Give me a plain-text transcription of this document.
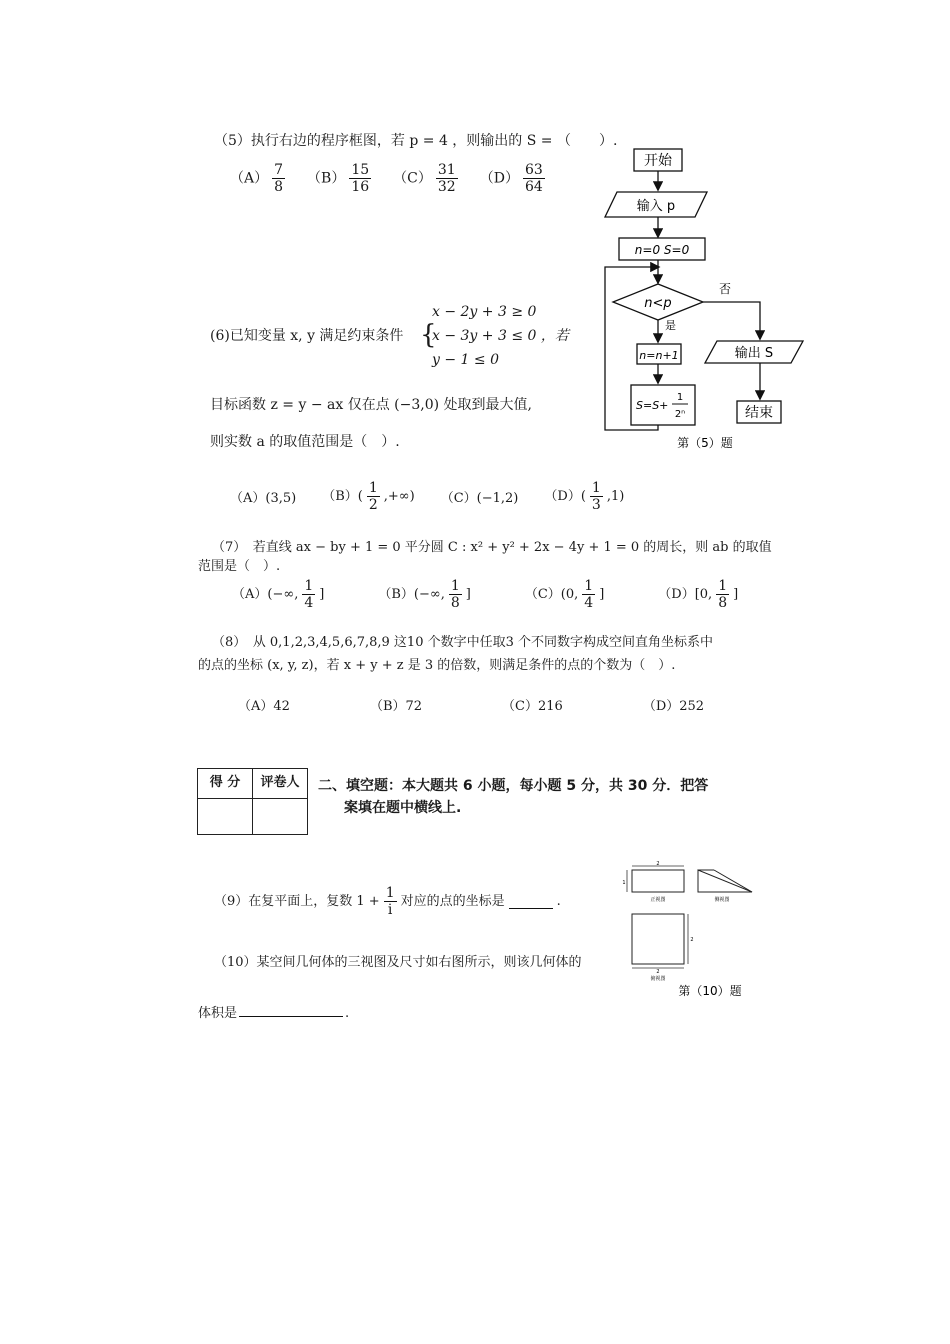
（5）执行右边的程序框图，若 p = 4 ，则输出的 S = （　　）.
$(A) \frac{7}{8} (B) \frac{15}{16} (C) \frac{31}{32} (D) \frac{63}{64}$
开始
输入 p
n=0 S=0
n<p
是
否
输出 S
结束
n=n+1
S=S+
1
2ⁿ
第（5）题
(6)已知变量 x, y 满足约束条件 {
x − 2y + 3 ≥ 0
x − 3y + 3 ≤ 0 ，若
y − 1 ≤ 0
目标函数 z = y − ax 仅在点 (−3,0) 处取到最大值,
则实数 a 的取值范围是（　）.
（A）(3,5) $(B)( \frac{1}{2}$ ,+∞) （C）(−1,2) $(D)( \frac{1}{3} ,1)$
（7）　若直线 ax − by + 1 = 0 平分圆 C : x² + y² + 2x − 4y + 1 = 0 的周长，则 ab 的取值
范围是（　）.
（A）(−∞, $\frac{1}{4}$ ]	（B）(−∞, $\frac{1}{8}$ ]	（C）(0, $\frac{1}{4}$ ]	（D）[0, $\frac{1}{8}$ ]
（8）　从 0,1,2,3,4,5,6,7,8,9 这10 个数字中任取3 个不同数字构成空间直角坐标系中
的点的坐标 (x, y, z)，若 x + y + z 是 3 的倍数，则满足条件的点的个数为（　）.
（A）42	（B）72	（C）216	（D）252
得 分	评卷人
	二、填空题：本大题共 6 小题，每小题 5 分，共 30 分．把答
案填在题中横线上.
（9）在复平面上，复数 $1 + \frac{1}{i}$ 对应的点的坐标是	.
（10）某空间几何体的三视图及尺寸如右图所示，则该几何体的
体积是	.
2
1
正视图	侧视图
2
2
俯视图
第（10）题
